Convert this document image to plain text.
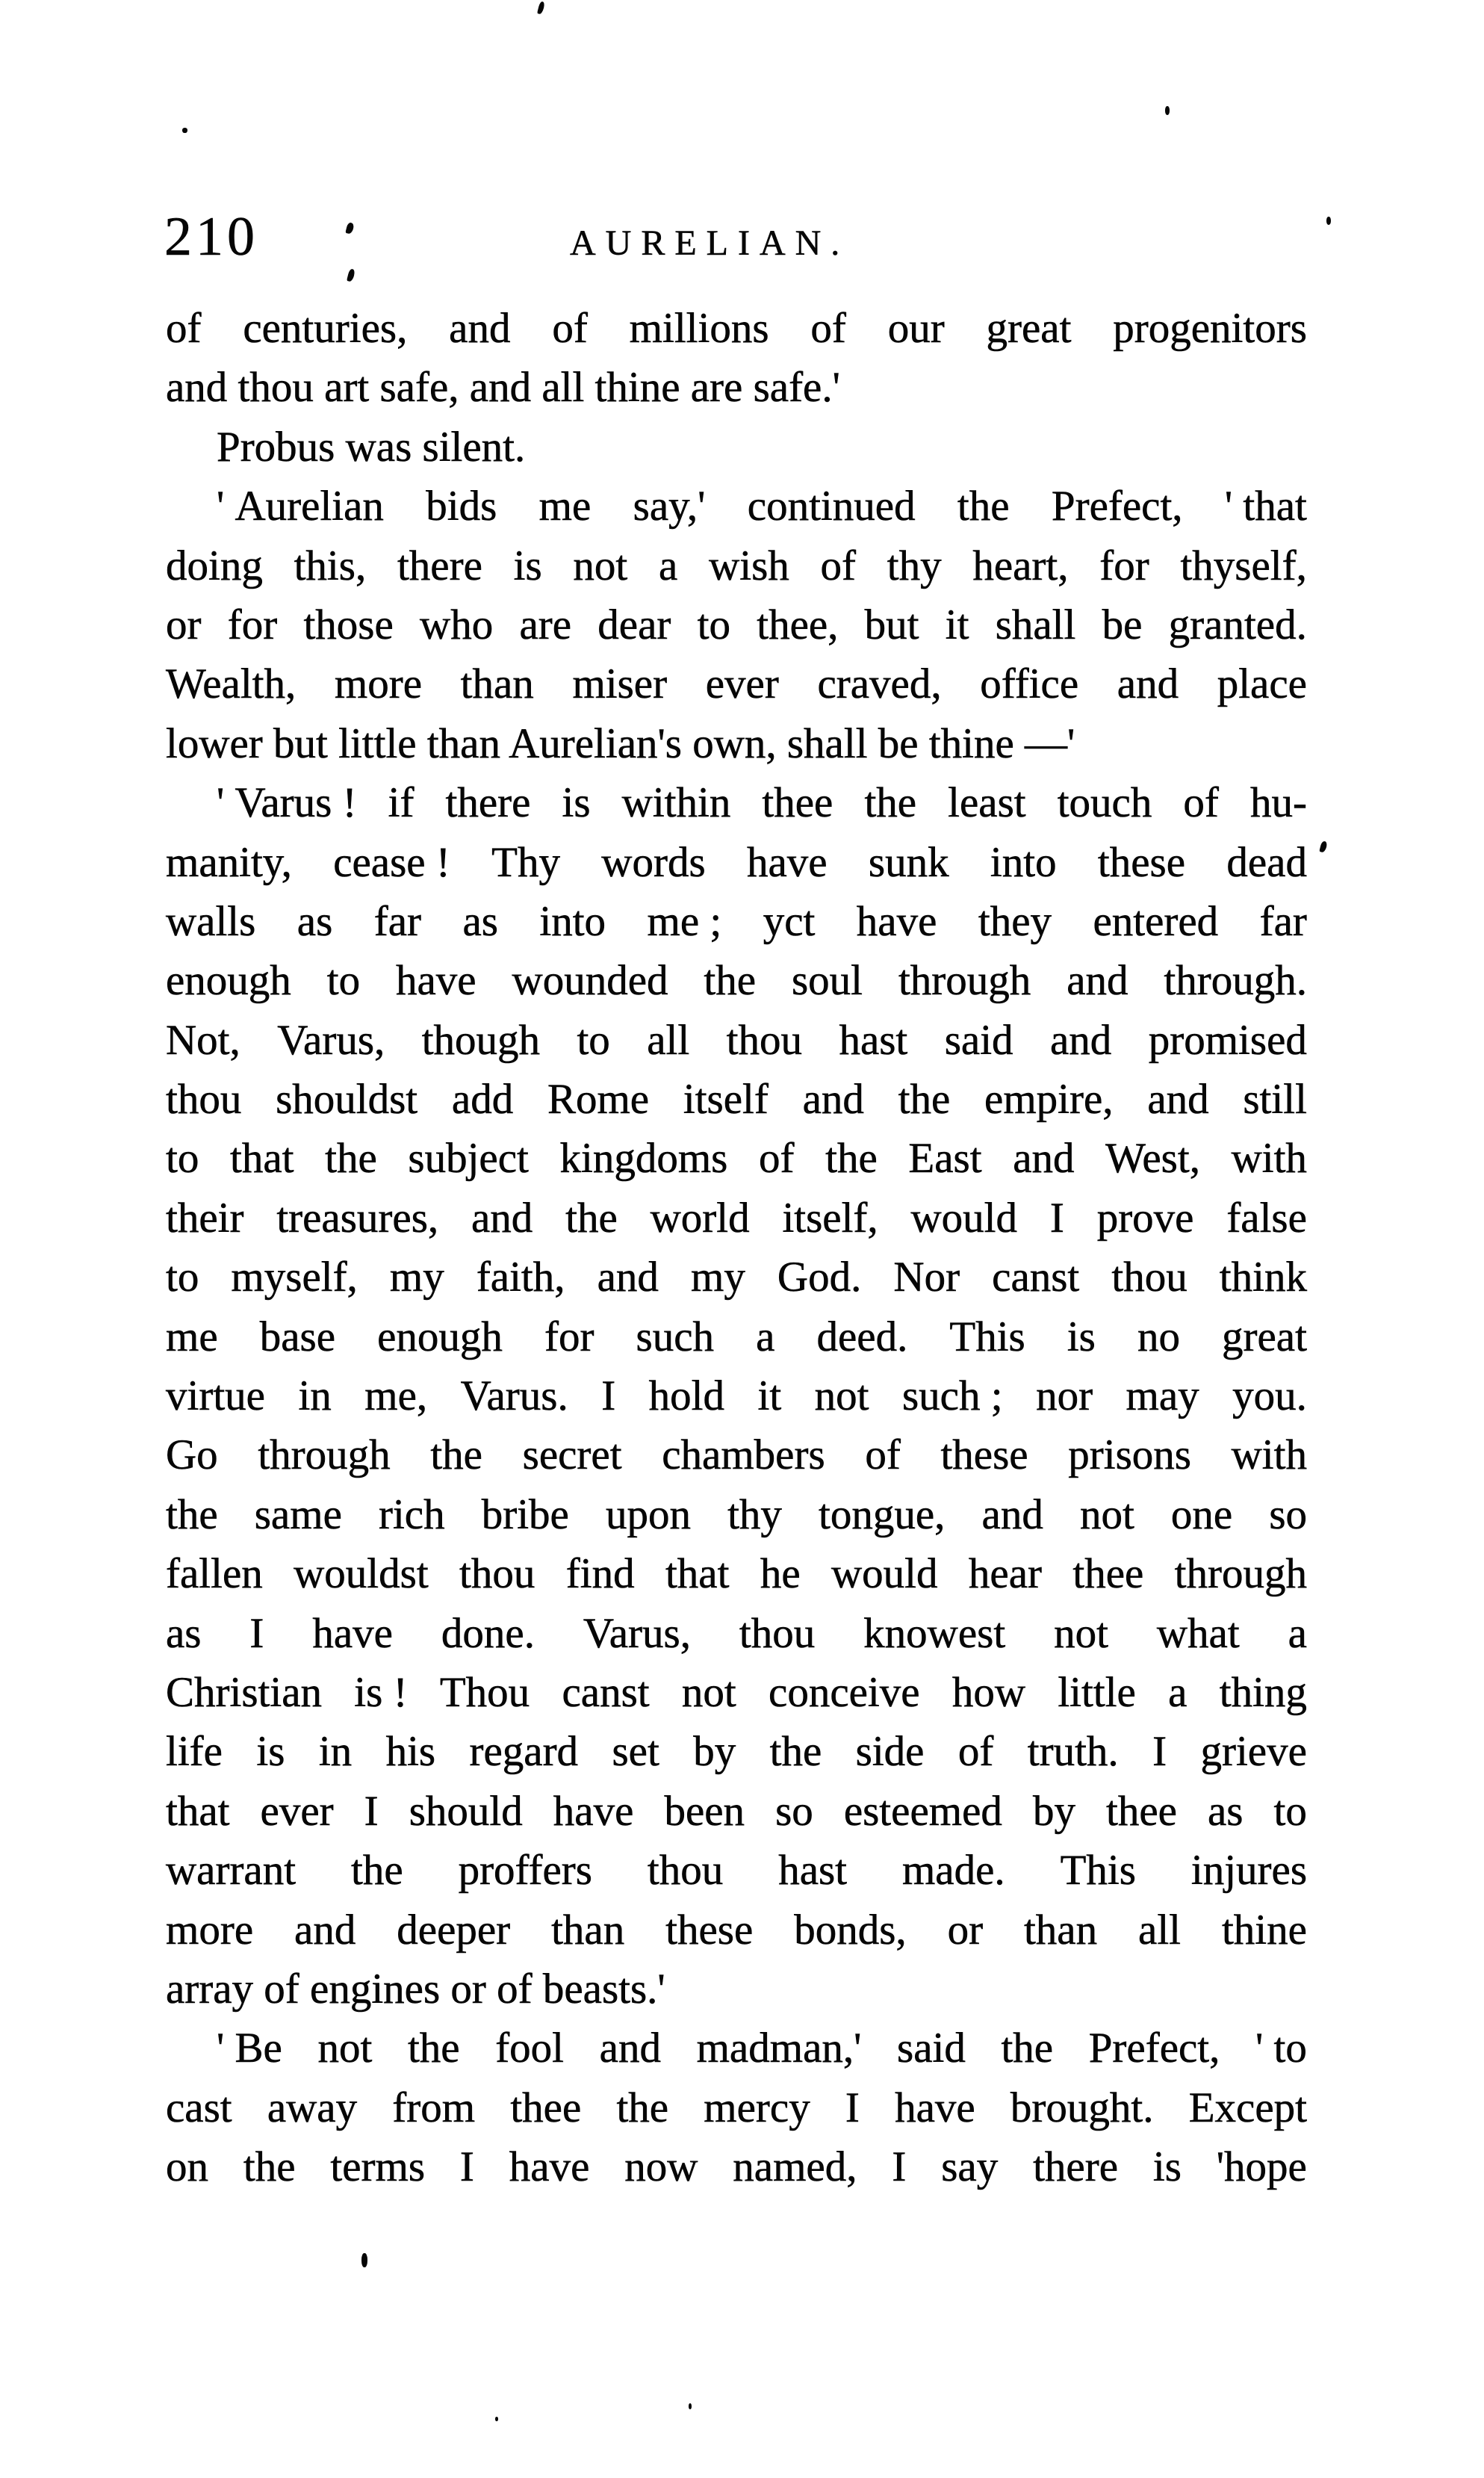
210	AURELIAN.
of centuries, and of millions of our great progenitors
and thou art safe, and all thine are safe.'
Probus was silent.
' Aurelian bids me say,' continued the Prefect, ' that
doing this, there is not a wish of thy heart, for thyself,
or for those who are dear to thee, but it shall be granted.
Wealth, more than miser ever craved, office and place
lower but little than Aurelian's own, shall be thine —'
' Varus ! if there is within thee the least touch of hu-
manity, cease ! Thy words have sunk into these dead
walls as far as into me ; yct have they entered far
enough to have wounded the soul through and through.
Not, Varus, though to all thou hast said and promised
thou shouldst add Rome itself and the empire, and still
to that the subject kingdoms of the East and West, with
their treasures, and the world itself, would I prove false
to myself, my faith, and my God. Nor canst thou think
me base enough for such a deed. This is no great
virtue in me, Varus. I hold it not such ; nor may you.
Go through the secret chambers of these prisons with
the same rich bribe upon thy tongue, and not one so
fallen wouldst thou find that he would hear thee through
as I have done. Varus, thou knowest not what a
Christian is ! Thou canst not conceive how little a thing
life is in his regard set by the side of truth. I grieve
that ever I should have been so esteemed by thee as to
warrant the proffers thou hast made. This injures
more and deeper than these bonds, or than all thine
array of engines or of beasts.'
' Be not the fool and madman,' said the Prefect, ' to
cast away from thee the mercy I have brought. Except
on the terms I have now named, I say there is 'hope
